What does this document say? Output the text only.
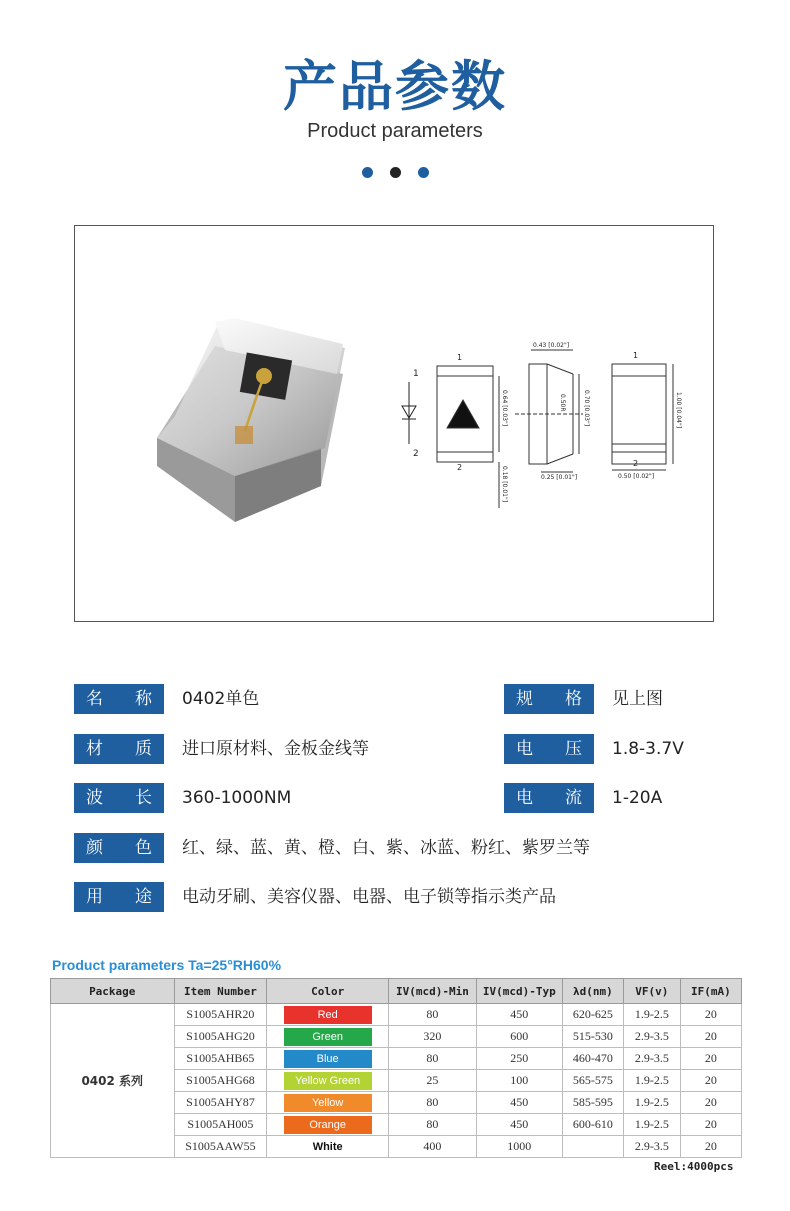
产品参数
Product parameters
1
2
1
2
0.64 [0.03"]
0.18 [0.01"]
0.43 [0.02"]
0.50R	0.70 [0.03"]
0.25 [0.01"]
1
2
1.00 [0.04"]
0.50 [0.02"]
名 称 0402单色	规 格 见上图
材 质 进口原材料、金板金线等	电 压 1.8-3.7V
波 长 360-1000NM	电 流 1-20A
颜 色 红、绿、蓝、黄、橙、白、紫、冰蓝、粉红、紫罗兰等
用 途 电动牙刷、美容仪器、电器、电子锁等指示类产品
Product parameters Ta=25°RH60%
Package	Item Number	Color	IV(mcd)-Min	IV(mcd)-Typ	λd(nm)	VF(v)	IF(mA)
0402 系列	S1005AHR20	Red	80	450	620-625	1.9-2.5	20
	S1005AHG20	Green	320	600	515-530	2.9-3.5	20
	S1005AHB65	Blue	80	250	460-470	2.9-3.5	20
	S1005AHG68	Yellow Green	25	100	565-575	1.9-2.5	20
	S1005AHY87	Yellow	80	450	585-595	1.9-2.5	20
	S1005AH005	Orange	80	450	600-610	1.9-2.5	20
	S1005AAW55	White	400	1000		2.9-3.5	20
Reel:4000pcs
